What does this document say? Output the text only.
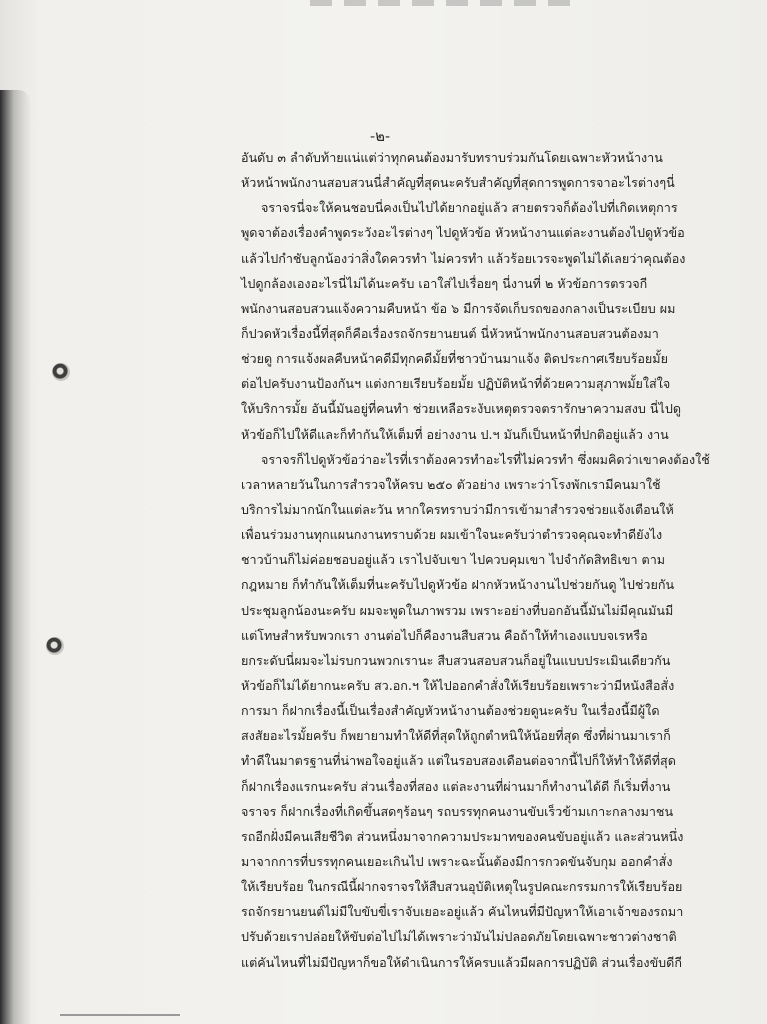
-๒-
อันดับ ๓ ลำดับท้ายแน่แต่ว่าทุกคนต้องมารับทราบร่วมกันโดยเฉพาะหัวหน้างาน
หัวหน้าพนักงานสอบสวนนี่สำคัญที่สุดนะครับสำคัญที่สุดการพูดการจาอะไรต่างๆนี่
จราจรนี่จะให้คนชอบนี่คงเป็นไปได้ยากอยู่แล้ว สายตรวจก็ต้องไปที่เกิดเหตุการ
พูดจาต้องเรื่องคำพูดระวังอะไรต่างๆ ไปดูหัวข้อ หัวหน้างานแต่ละงานต้องไปดูหัวข้อ
แล้วไปกำชับลูกน้องว่าสิ่งใดควรทำ ไม่ควรทำ แล้วร้อยเวรจะพูดไม่ได้เลยว่าคุณต้อง
ไปดูกล้องเองอะไรนี่ไม่ได้นะครับ เอาใส่ไปเรื่อยๆ นี่งานที่ ๒ หัวข้อการตรวจกี
พนักงานสอบสวนแจ้งความคืบหน้า ข้อ ๖ มีการจัดเก็บรถของกลางเป็นระเบียบ ผม
ก็ปวดหัวเรื่องนี้ที่สุดก็คือเรื่องรถจักรยานยนต์ นี่หัวหน้าพนักงานสอบสวนต้องมา
ช่วยดู การแจ้งผลคืบหน้าคดีมีทุกคดีมั้ยที่ชาวบ้านมาแจ้ง ติดประกาศเรียบร้อยมั้ย
ต่อไปครับงานป้องกันฯ แต่งกายเรียบร้อยมั้ย ปฏิบัติหน้าที่ด้วยความสุภาพมั้ยใส่ใจ
ให้บริการมั้ย อันนี้มันอยู่ที่คนทำ ช่วยเหลือระงับเหตุตรวจตรารักษาความสงบ นี่ไปดู
หัวข้อก็ไปให้ดีและก็ทำกันให้เต็มที่ อย่างงาน ป.ฯ มันก็เป็นหน้าที่ปกติอยู่แล้ว งาน
จราจรก็ไปดูหัวข้อว่าอะไรที่เราต้องควรทำอะไรที่ไม่ควรทำ ซึ่งผมคิดว่าเขาคงต้องใช้
เวลาหลายวันในการสำรวจให้ครบ ๒๕๐ ตัวอย่าง เพราะว่าโรงพักเรามีคนมาใช้
บริการไม่มากนักในแต่ละวัน หากใครทราบว่ามีการเข้ามาสำรวจช่วยแจ้งเตือนให้
เพื่อนร่วมงานทุกแผนกงานทราบด้วย ผมเข้าใจนะครับว่าตำรวจคุณจะทำดียังไง
ชาวบ้านก็ไม่ค่อยชอบอยู่แล้ว เราไปจับเขา ไปควบคุมเขา ไปจำกัดสิทธิเขา ตาม
กฎหมาย ก็ทำกันให้เต็มที่นะครับไปดูหัวข้อ ฝากหัวหน้างานไปช่วยกันดู ไปช่วยกัน
ประชุมลูกน้องนะครับ ผมจะพูดในภาพรวม เพราะอย่างที่บอกอันนี้มันไม่มีคุณมันมี
แต่โทษสำหรับพวกเรา งานต่อไปก็คืองานสืบสวน คือถ้าให้ทำเองแบบจเรหรือ
ยกระดับนี่ผมจะไม่รบกวนพวกเรานะ สืบสวนสอบสวนก็อยู่ในแบบประเมินเดียวกัน
หัวข้อก็ไม่ได้ยากนะครับ สว.อก.ฯ ให้ไปออกคำสั่งให้เรียบร้อยเพราะว่ามีหนังสือสั่ง
การมา ก็ฝากเรื่องนี้เป็นเรื่องสำคัญหัวหน้างานต้องช่วยดูนะครับ ในเรื่องนี้มีผู้ใด
สงสัยอะไรมั้ยครับ ก็พยายามทำให้ดีที่สุดให้ถูกตำหนิให้น้อยที่สุด ซึ่งที่ผ่านมาเราก็
ทำดีในมาตรฐานที่น่าพอใจอยู่แล้ว แต่ในรอบสองเดือนต่อจากนี้ไปก็ให้ทำให้ดีที่สุด
ก็ฝากเรื่องแรกนะครับ ส่วนเรื่องที่สอง แต่ละงานที่ผ่านมาก็ทำงานได้ดี ก็เริ่มที่งาน
จราจร ก็ฝากเรื่องที่เกิดขึ้นสดๆร้อนๆ รถบรรทุกคนงานขับเร็วข้ามเกาะกลางมาชน
รถอีกฝั่งมีคนเสียชีวิต ส่วนหนึ่งมาจากความประมาทของคนขับอยู่แล้ว และส่วนหนึ่ง
มาจากการที่บรรทุกคนเยอะเกินไป เพราะฉะนั้นต้องมีการกวดขันจับกุม ออกคำสั่ง
ให้เรียบร้อย ในกรณีนี้ฝากจราจรให้สืบสวนอุบัติเหตุในรูปคณะกรรมการให้เรียบร้อย
รถจักรยานยนต์ไม่มีใบขับขี่เราจับเยอะอยู่แล้ว คันไหนที่มีปัญหาให้เอาเจ้าของรถมา
ปรับด้วยเราปล่อยให้ขับต่อไปไม่ได้เพราะว่ามันไม่ปลอดภัยโดยเฉพาะชาวต่างชาติ
แต่คันไหนที่ไม่มีปัญหาก็ขอให้ดำเนินการให้ครบแล้วมีผลการปฏิบัติ ส่วนเรื่องขับดีกี
